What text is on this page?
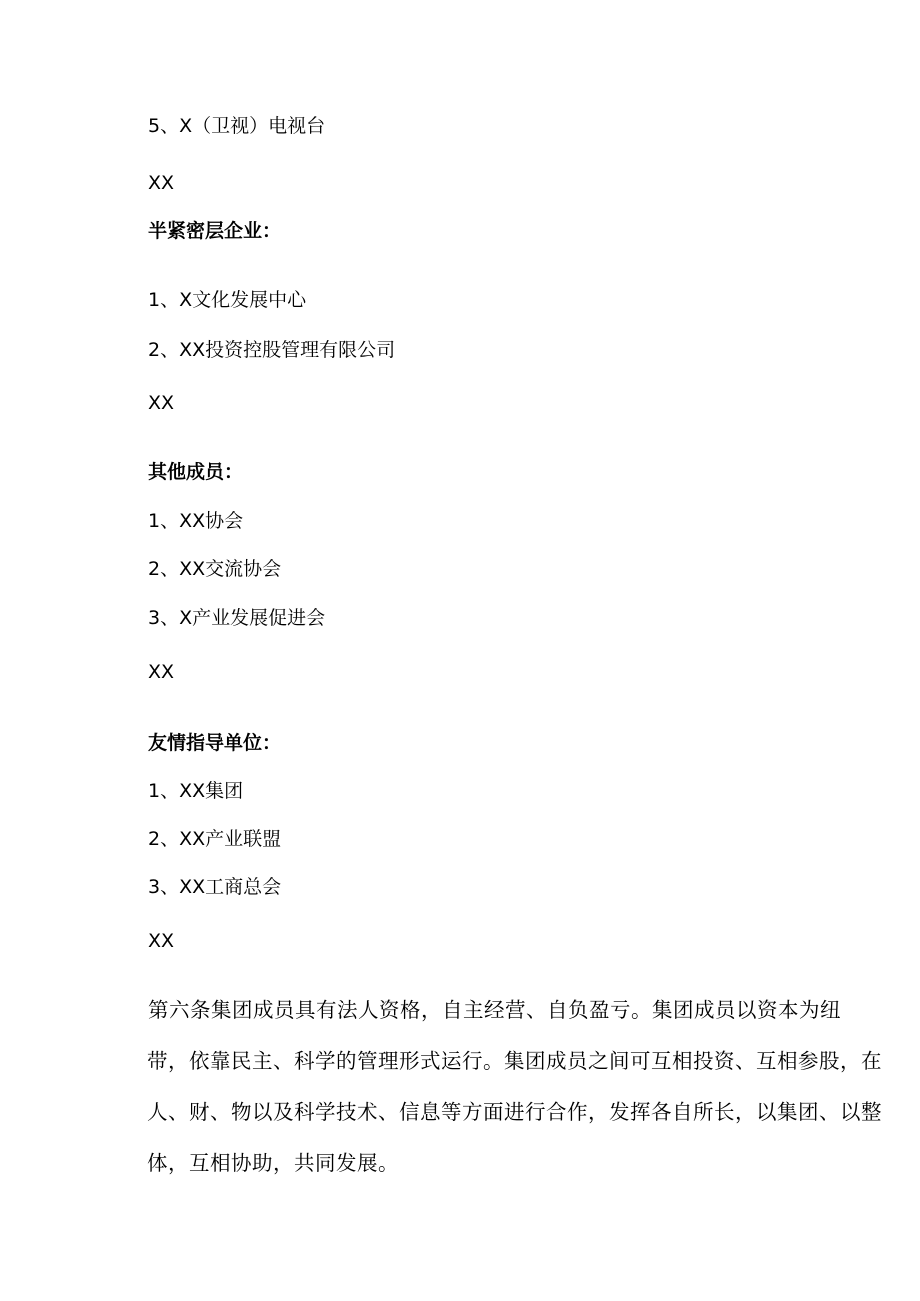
5、X（卫视）电视台
XX
半紧密层企业：
1、X文化发展中心
2、XX投资控股管理有限公司
XX
其他成员：
1、XX协会
2、XX交流协会
3、X产业发展促进会
XX
友情指导单位：
1、XX集团
2、XX产业联盟
3、XX工商总会
XX
第六条集团成员具有法人资格，自主经营、自负盈亏。集团成员以资本为纽
带，依靠民主、科学的管理形式运行。集团成员之间可互相投资、互相参股，在
人、财、物以及科学技术、信息等方面进行合作，发挥各自所长，以集团、以整
体，互相协助，共同发展。
